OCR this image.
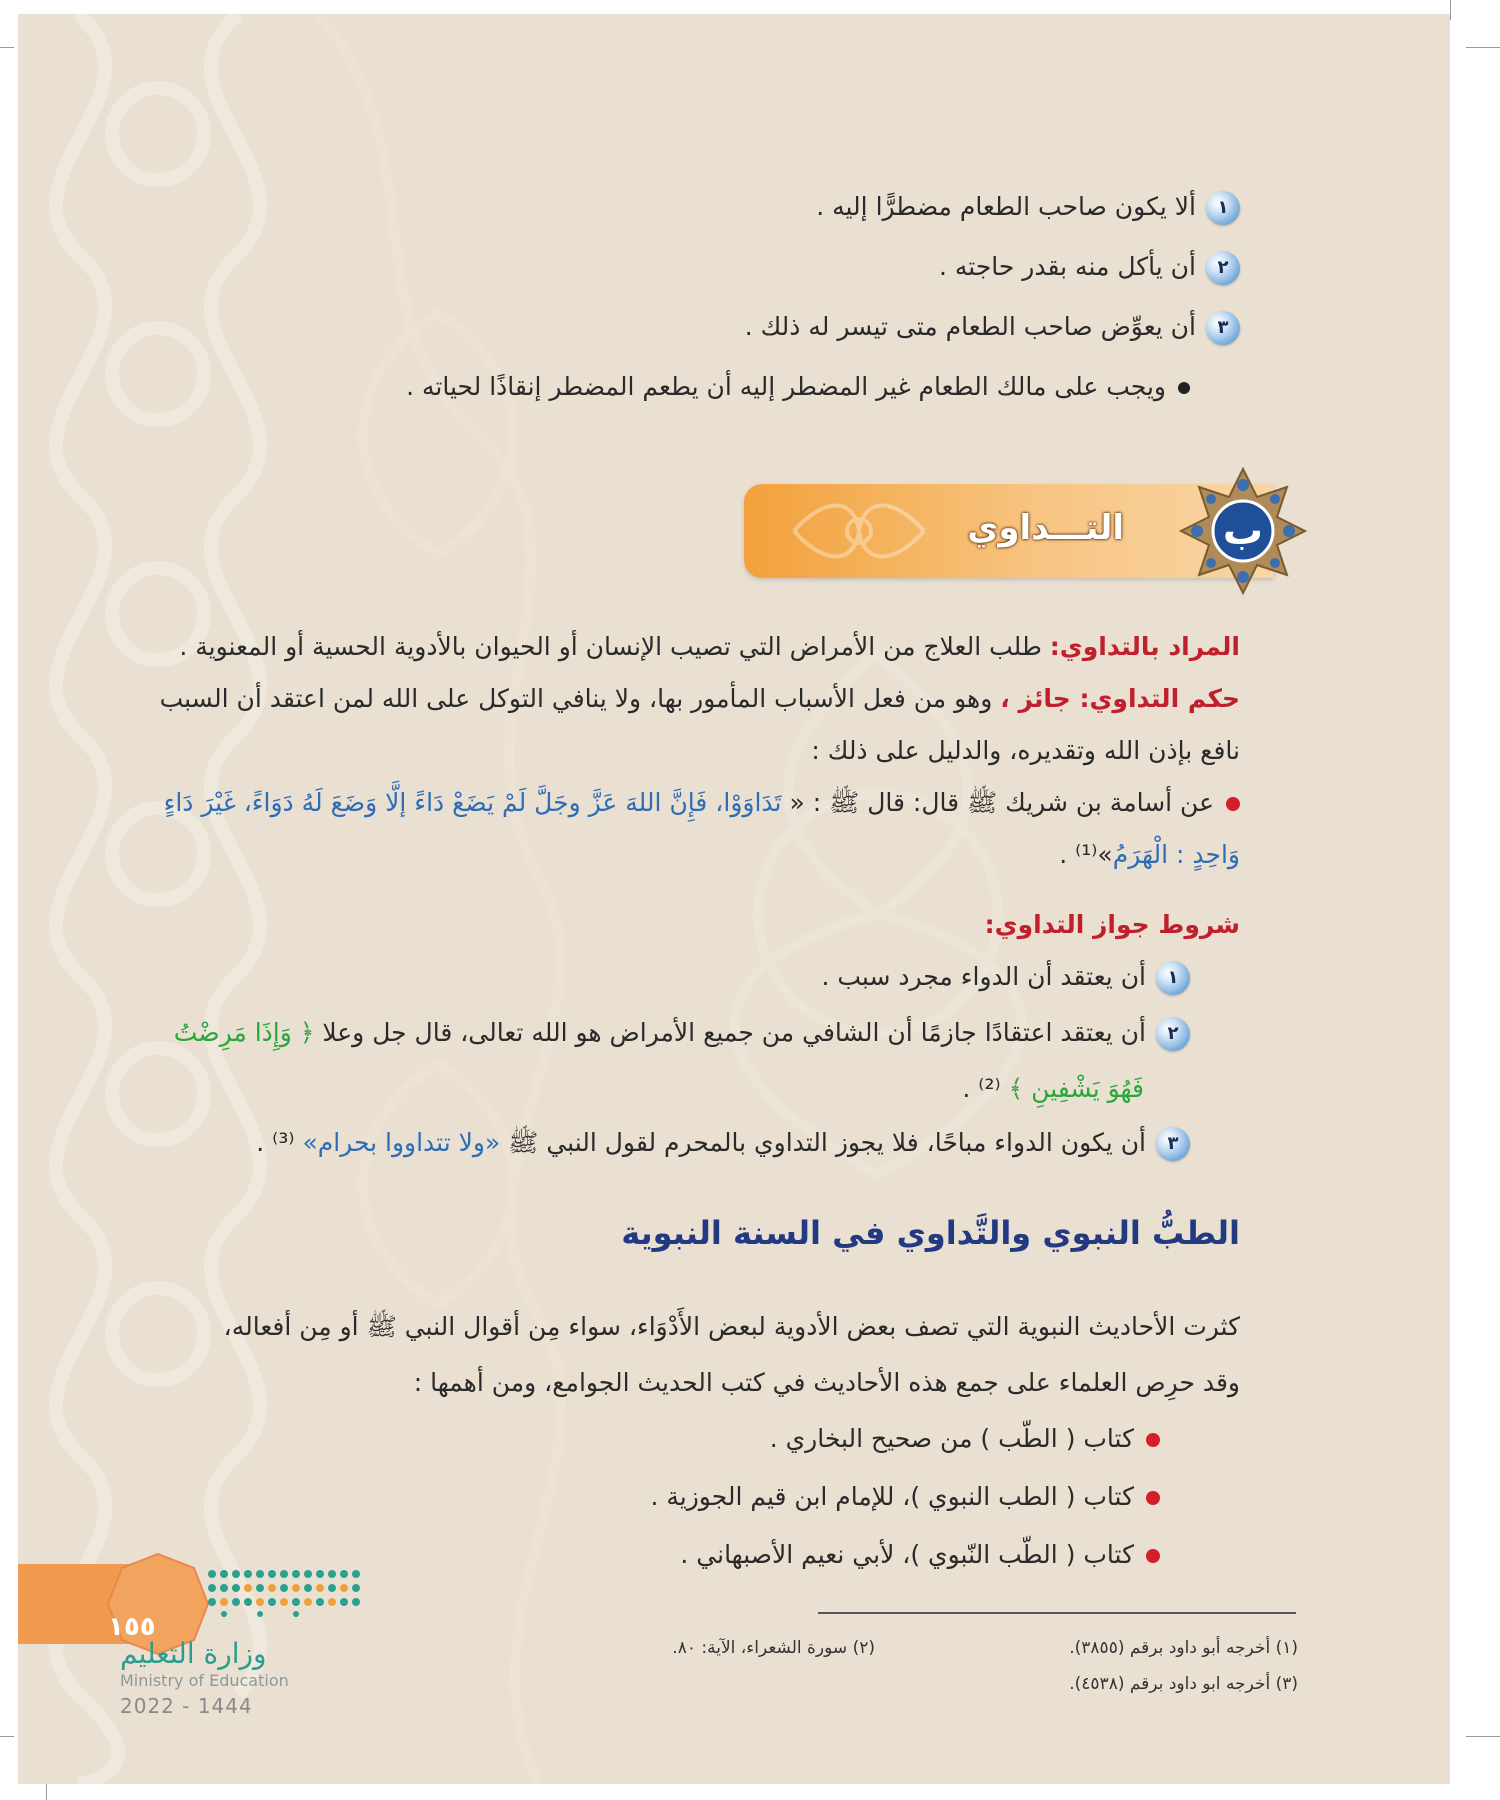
١ألا يكون صاحب الطعام مضطرًّا إليه .
٢أن يأكل منه بقدر حاجته .
٣أن يعوِّض صاحب الطعام متى تيسر له ذلك .
ويجب على مالك الطعام غير المضطر إليه أن يطعم المضطر إنقاذًا لحياته .
التـــداوي ب
المراد بالتداوي: طلب العلاج من الأمراض التي تصيب الإنسان أو الحيوان بالأدوية الحسية أو المعنوية .
حكم التداوي: جائز ، وهو من فعل الأسباب المأمور بها، ولا ينافي التوكل على الله لمن اعتقد أن السبب
نافع بإذن الله وتقديره، والدليل على ذلك :
عن أسامة بن شريك ﷺ قال: قال ﷺ : « تَدَاوَوْا، فَإِنَّ اللهَ عَزَّ وجَلَّ لَمْ يَضَعْ دَاءً إلَّا وَضَعَ لَهُ دَوَاءً، غَيْرَ دَاءٍ
وَاحِدٍ : الْهَرَمُ»⁽¹⁾ .
شروط جواز التداوي:
١أن يعتقد أن الدواء مجرد سبب .
٢أن يعتقد اعتقادًا جازمًا أن الشافي من جميع الأمراض هو الله تعالى، قال جل وعلا ﴿ وَإِذَا مَرِضْتُ
فَهُوَ يَشْفِينِ ﴾ ⁽²⁾ .
٣أن يكون الدواء مباحًا، فلا يجوز التداوي بالمحرم لقول النبي ﷺ «ولا تتداووا بحرام» ⁽³⁾ .
الطبُّ النبوي والتَّداوي في السنة النبوية
كثرت الأحاديث النبوية التي تصف بعض الأدوية لبعض الأَدْوَاء، سواء مِن أقوال النبي ﷺ أو مِن أفعاله،
وقد حرِص العلماء على جمع هذه الأحاديث في كتب الحديث الجوامع، ومن أهمها :
كتاب ( الطّب ) من صحيح البخاري .
كتاب ( الطب النبوي )، للإمام ابن قيم الجوزية .
كتاب ( الطّب النّبوي )، لأبي نعيم الأصبهاني .
(١) أخرجه أبو داود برقم (٣٨٥٥).
(٢) سورة الشعراء، الآية: ٨٠.
(٣) أخرجه ابو داود برقم (٤٥٣٨).
١٥٥
وزارة التعليم
Ministry of Education
2022 - 1444
